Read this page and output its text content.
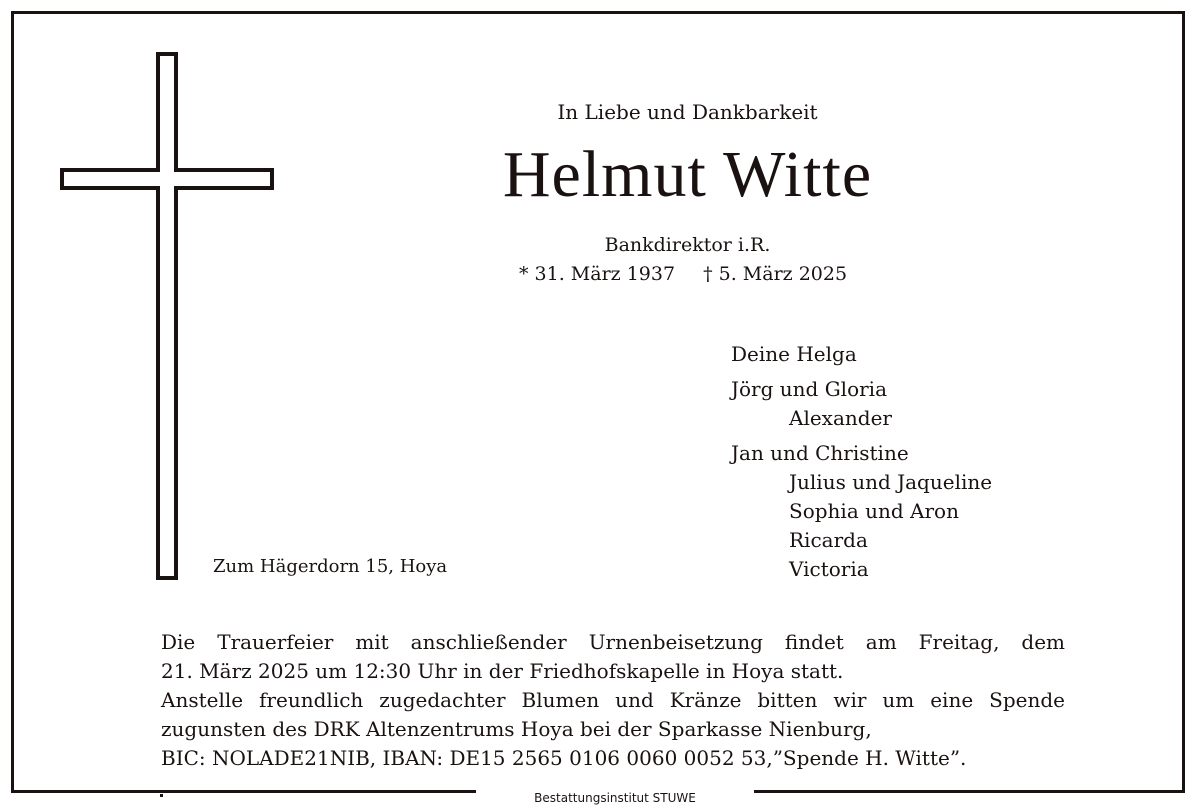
In Liebe und Dankbarkeit
Helmut Witte
Bankdirektor i.R.
* 31. März 1937 † 5. März 2025
Deine Helga
Jörg und Gloria
Alexander
Jan und Christine
Julius und Jaqueline
Sophia und Aron
Ricarda
Victoria
Zum Hägerdorn 15, Hoya
Die Trauerfeier mit anschließender Urnenbeisetzung findet am Freitag, dem
21. März 2025 um 12:30 Uhr in der Friedhofskapelle in Hoya statt.
Anstelle freundlich zugedachter Blumen und Kränze bitten wir um eine Spende
zugunsten des DRK Altenzentrums Hoya bei der Sparkasse Nienburg,
BIC: NOLADE21NIB, IBAN: DE15 2565 0106 0060 0052 53,”Spende H. Witte”.
Bestattungsinstitut STUWE
